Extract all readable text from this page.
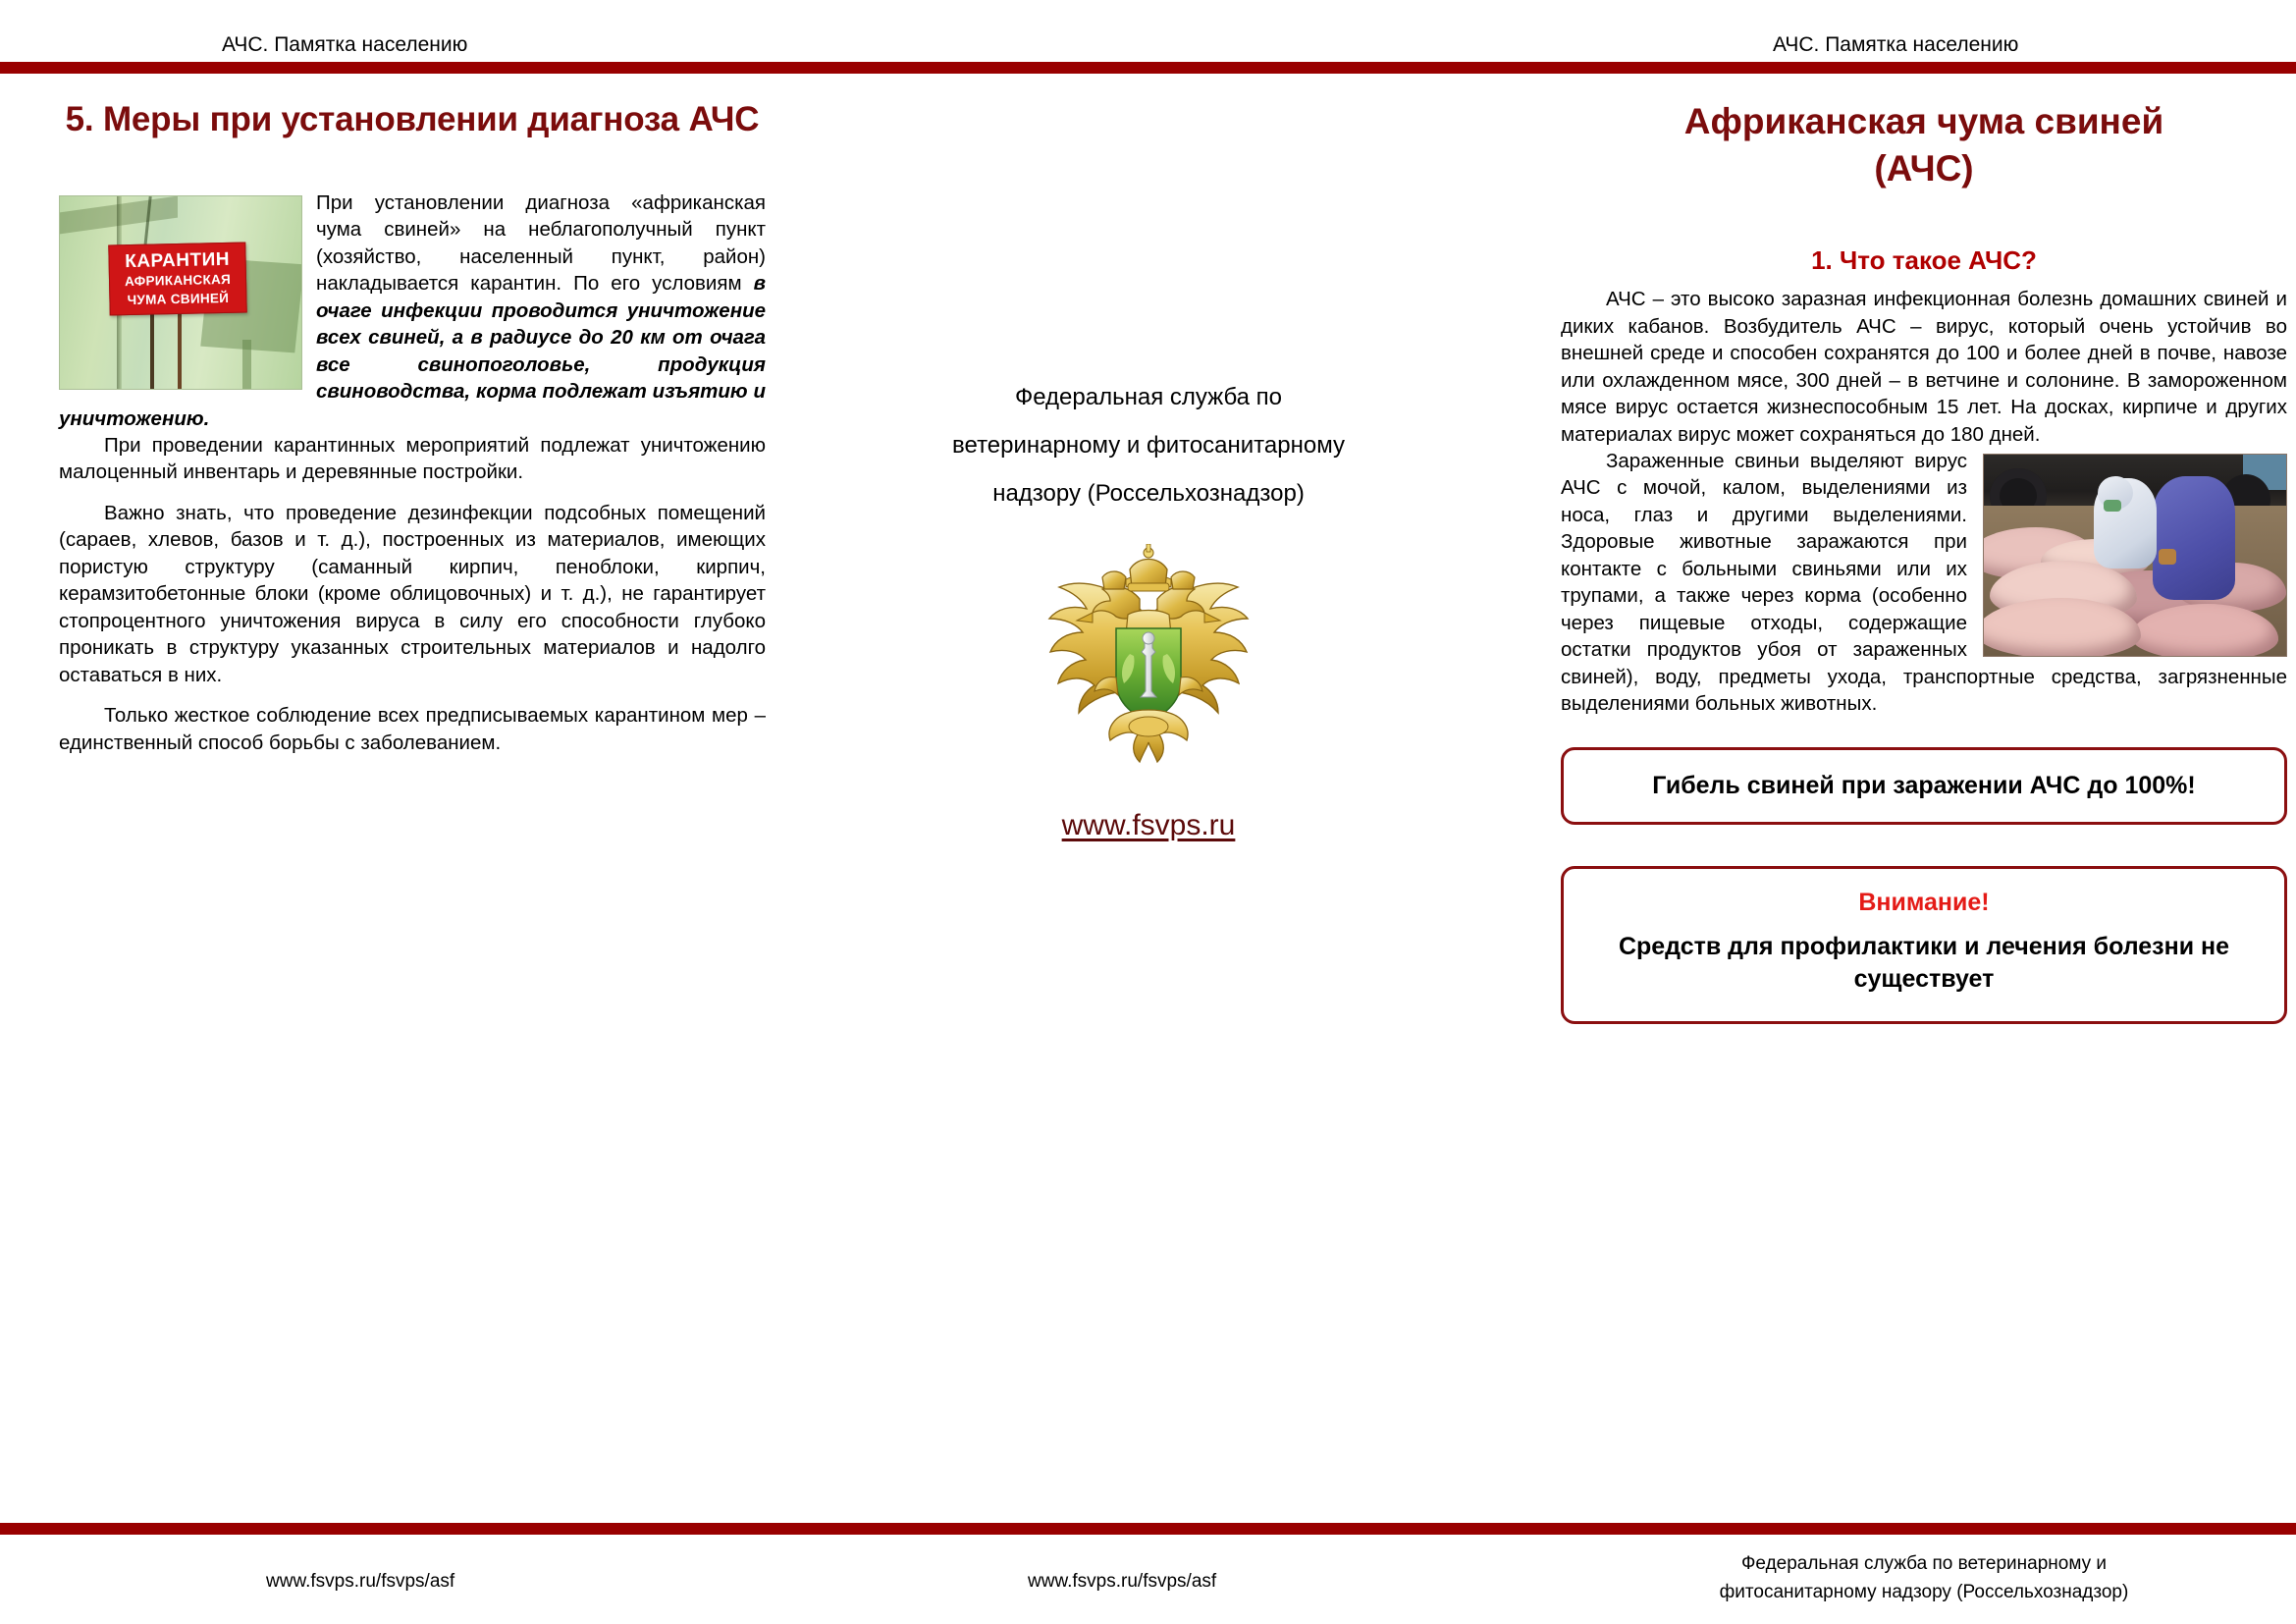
АЧС. Памятка населению	АЧС. Памятка населению
5. Меры при установлении диагноза АЧС
КАРАНТИН
АФРИКАНСКАЯ
ЧУМА СВИНЕЙ

При установлении диагноза «африканская чума свиней» на неблагополучный пункт (хозяйство, населенный пункт, район) накладывается карантин. По его условиям в очаге инфекции проводится уничтожение всех свиней, а в радиусе до 20 км от очага все свинопоголовье, продукция свиноводства, корма подлежат изъятию и уничтожению.

При проведении карантинных мероприятий подлежат уничтожению малоценный инвентарь и деревянные постройки.

Важно знать, что проведение дезинфекции подсобных помещений (сараев, хлевов, базов и т. д.), построенных из материалов, имеющих пористую структуру (саманный кирпич, пеноблоки, кирпич, керамзитобетонные блоки (кроме облицовочных) и т. д.), не гарантирует стопроцентного уничтожения вируса в силу его способности глубоко проникать в структуру указанных строительных материалов и надолго оставаться в них.

Только жесткое соблюдение всех предписываемых карантином мер – единственный способ борьбы с заболеванием.

Федеральная служба по

ветеринарному и фитосанитарному

надзору (Россельхознадзор)

www.fsvps.ru
Африканская чума свиней
(АЧС)
1. Что такое АЧС?

АЧС – это высоко заразная инфекционная болезнь домашних свиней и диких кабанов. Возбудитель АЧС – вирус, который очень устойчив во внешней среде и способен сохранятся до 100 и более дней в почве, навозе или охлажденном мясе, 300 дней – в ветчине и солонине. В замороженном мясе вирус остается жизнеспособным 15 лет. На досках, кирпиче и других материалах вирус может сохраняться до 180 дней.

Зараженные свиньи выделяют вирус АЧС с мочой, калом, выделениями из носа, глаз и другими выделениями. Здоровые животные заражаются при контакте с больными свиньями или их трупами, а также через корма (особенно через пищевые отходы, содержащие остатки продуктов убоя от зараженных свиней), воду, предметы ухода, транспортные средства, загрязненные выделениями больных животных.

Гибель свиней при заражении АЧС до 100%!
Внимание!
Средств для профилактики и лечения болезни не существует
www.fsvps.ru/fsvps/asf	www.fsvps.ru/fsvps/asf
Федеральная служба по ветеринарному и
фитосанитарному надзору (Россельхознадзор)
